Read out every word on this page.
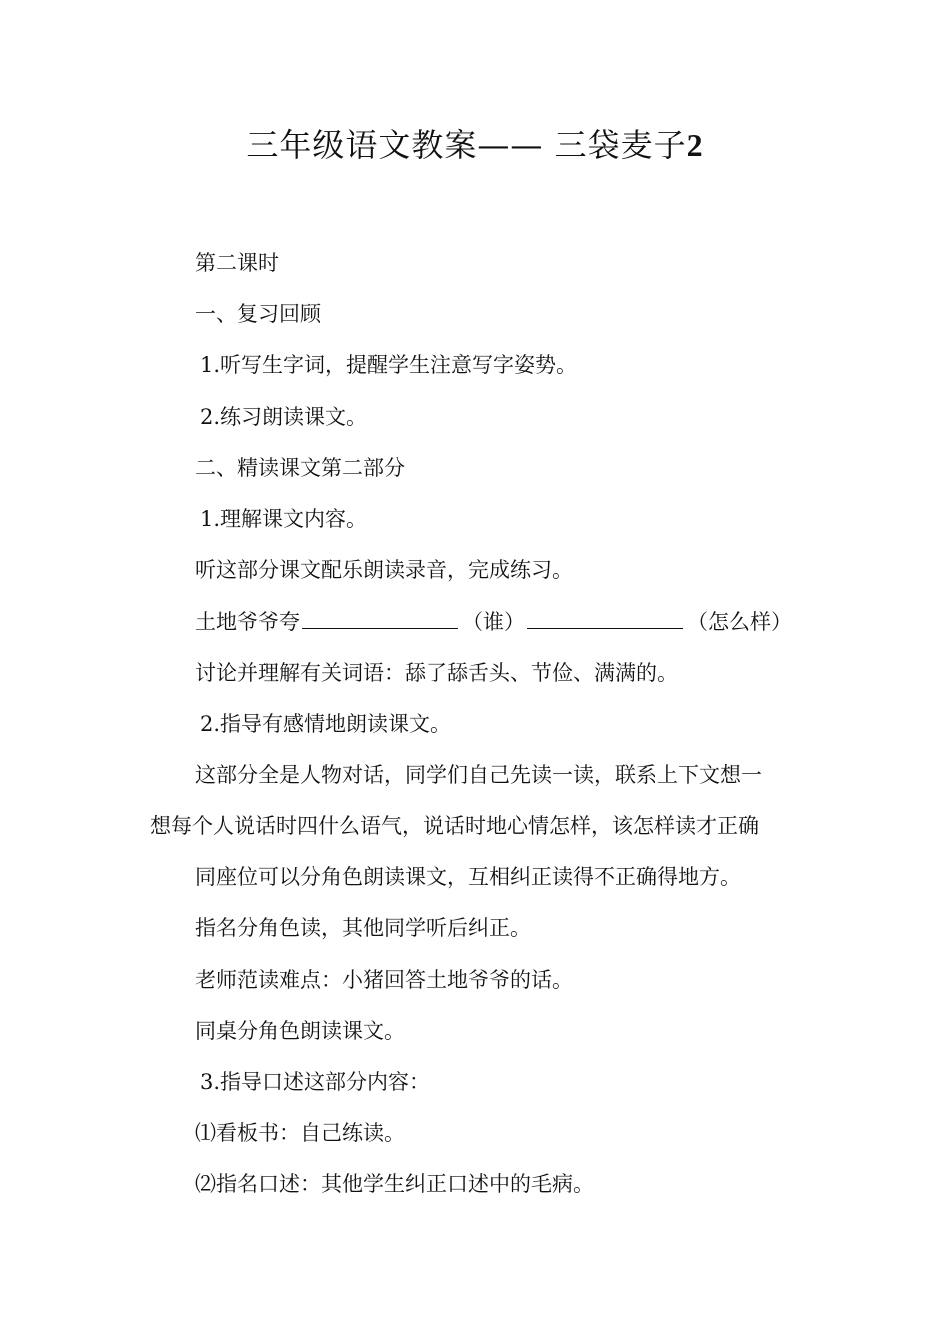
三年级语文教案—— 三袋麦子2
第二课时
一、复习回顾
1.听写生字词，提醒学生注意写字姿势。
2.练习朗读课文。
二、精读课文第二部分
1.理解课文内容。
听这部分课文配乐朗读录音，完成练习。
土地爷爷夸	（谁）	（怎么样）
讨论并理解有关词语：舔了舔舌头、节俭、满满的。
2.指导有感情地朗读课文。
这部分全是人物对话，同学们自己先读一读，联系上下文想一
想每个人说话时四什么语气，说话时地心情怎样，该怎样读才正确
同座位可以分角色朗读课文，互相纠正读得不正确得地方。
指名分角色读，其他同学听后纠正。
老师范读难点：小猪回答土地爷爷的话。
同桌分角色朗读课文。
3.指导口述这部分内容：
⑴看板书：自己练读。
⑵指名口述：其他学生纠正口述中的毛病。
